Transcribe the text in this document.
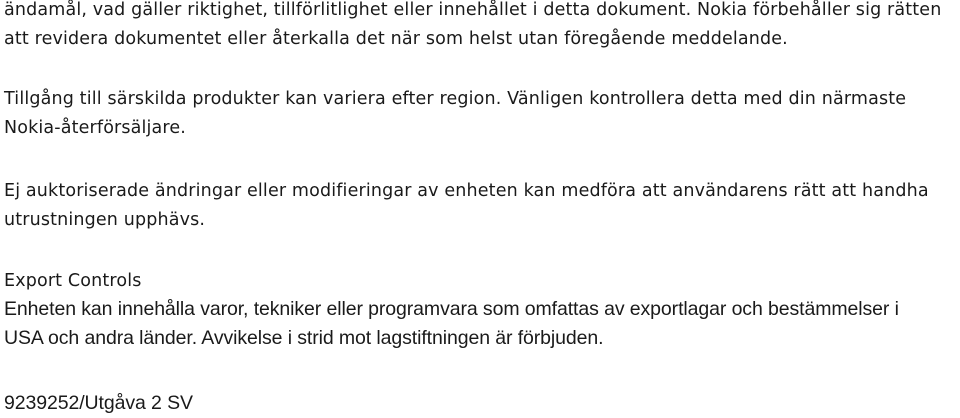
ändamål, vad gäller riktighet, tillförlitlighet eller innehållet i detta dokument. Nokia förbehåller sig rätten
att revidera dokumentet eller återkalla det när som helst utan föregående meddelande.
Tillgång till särskilda produkter kan variera efter region. Vänligen kontrollera detta med din närmaste
Nokia-återförsäljare.
Ej auktoriserade ändringar eller modifieringar av enheten kan medföra att användarens rätt att handha
utrustningen upphävs.
Export Controls
Enheten kan innehålla varor, tekniker eller programvara som omfattas av exportlagar och bestämmelser i
USA och andra länder. Avvikelse i strid mot lagstiftningen är förbjuden.
9239252/Utgåva 2 SV
